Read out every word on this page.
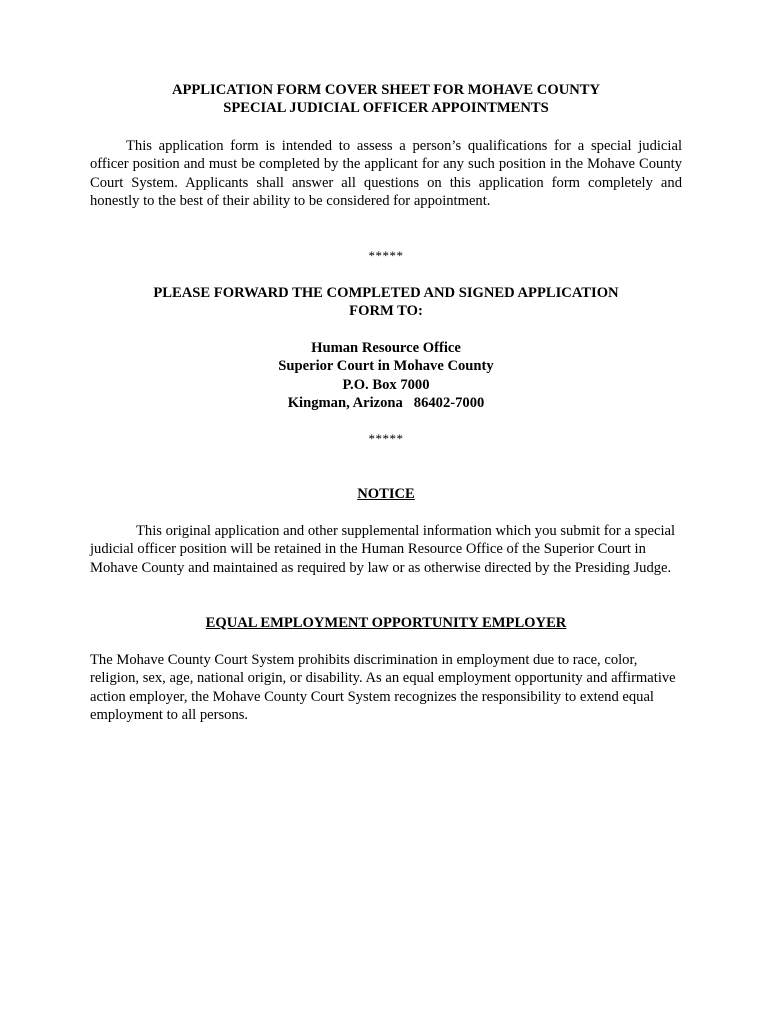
APPLICATION FORM COVER SHEET FOR MOHAVE COUNTY
SPECIAL JUDICIAL OFFICER APPOINTMENTS
This application form is intended to assess a person’s qualifications for a special judicial officer position and must be completed by the applicant for any such position in the Mohave County Court System. Applicants shall answer all questions on this application form completely and honestly to the best of their ability to be considered for appointment.
*****
PLEASE FORWARD THE COMPLETED AND SIGNED APPLICATION
FORM TO:
Human Resource Office
Superior Court in Mohave County
P.O. Box 7000
Kingman, Arizona   86402-7000
*****
NOTICE
This original application and other supplemental information which you submit for a special judicial officer position will be retained in the Human Resource Office of the Superior Court in Mohave County and maintained as required by law or as otherwise directed by the Presiding Judge.
EQUAL EMPLOYMENT OPPORTUNITY EMPLOYER
The Mohave County Court System prohibits discrimination in employment due to race, color, religion, sex, age, national origin, or disability. As an equal employment opportunity and affirmative action employer, the Mohave County Court System recognizes the responsibility to extend equal employment to all persons.
